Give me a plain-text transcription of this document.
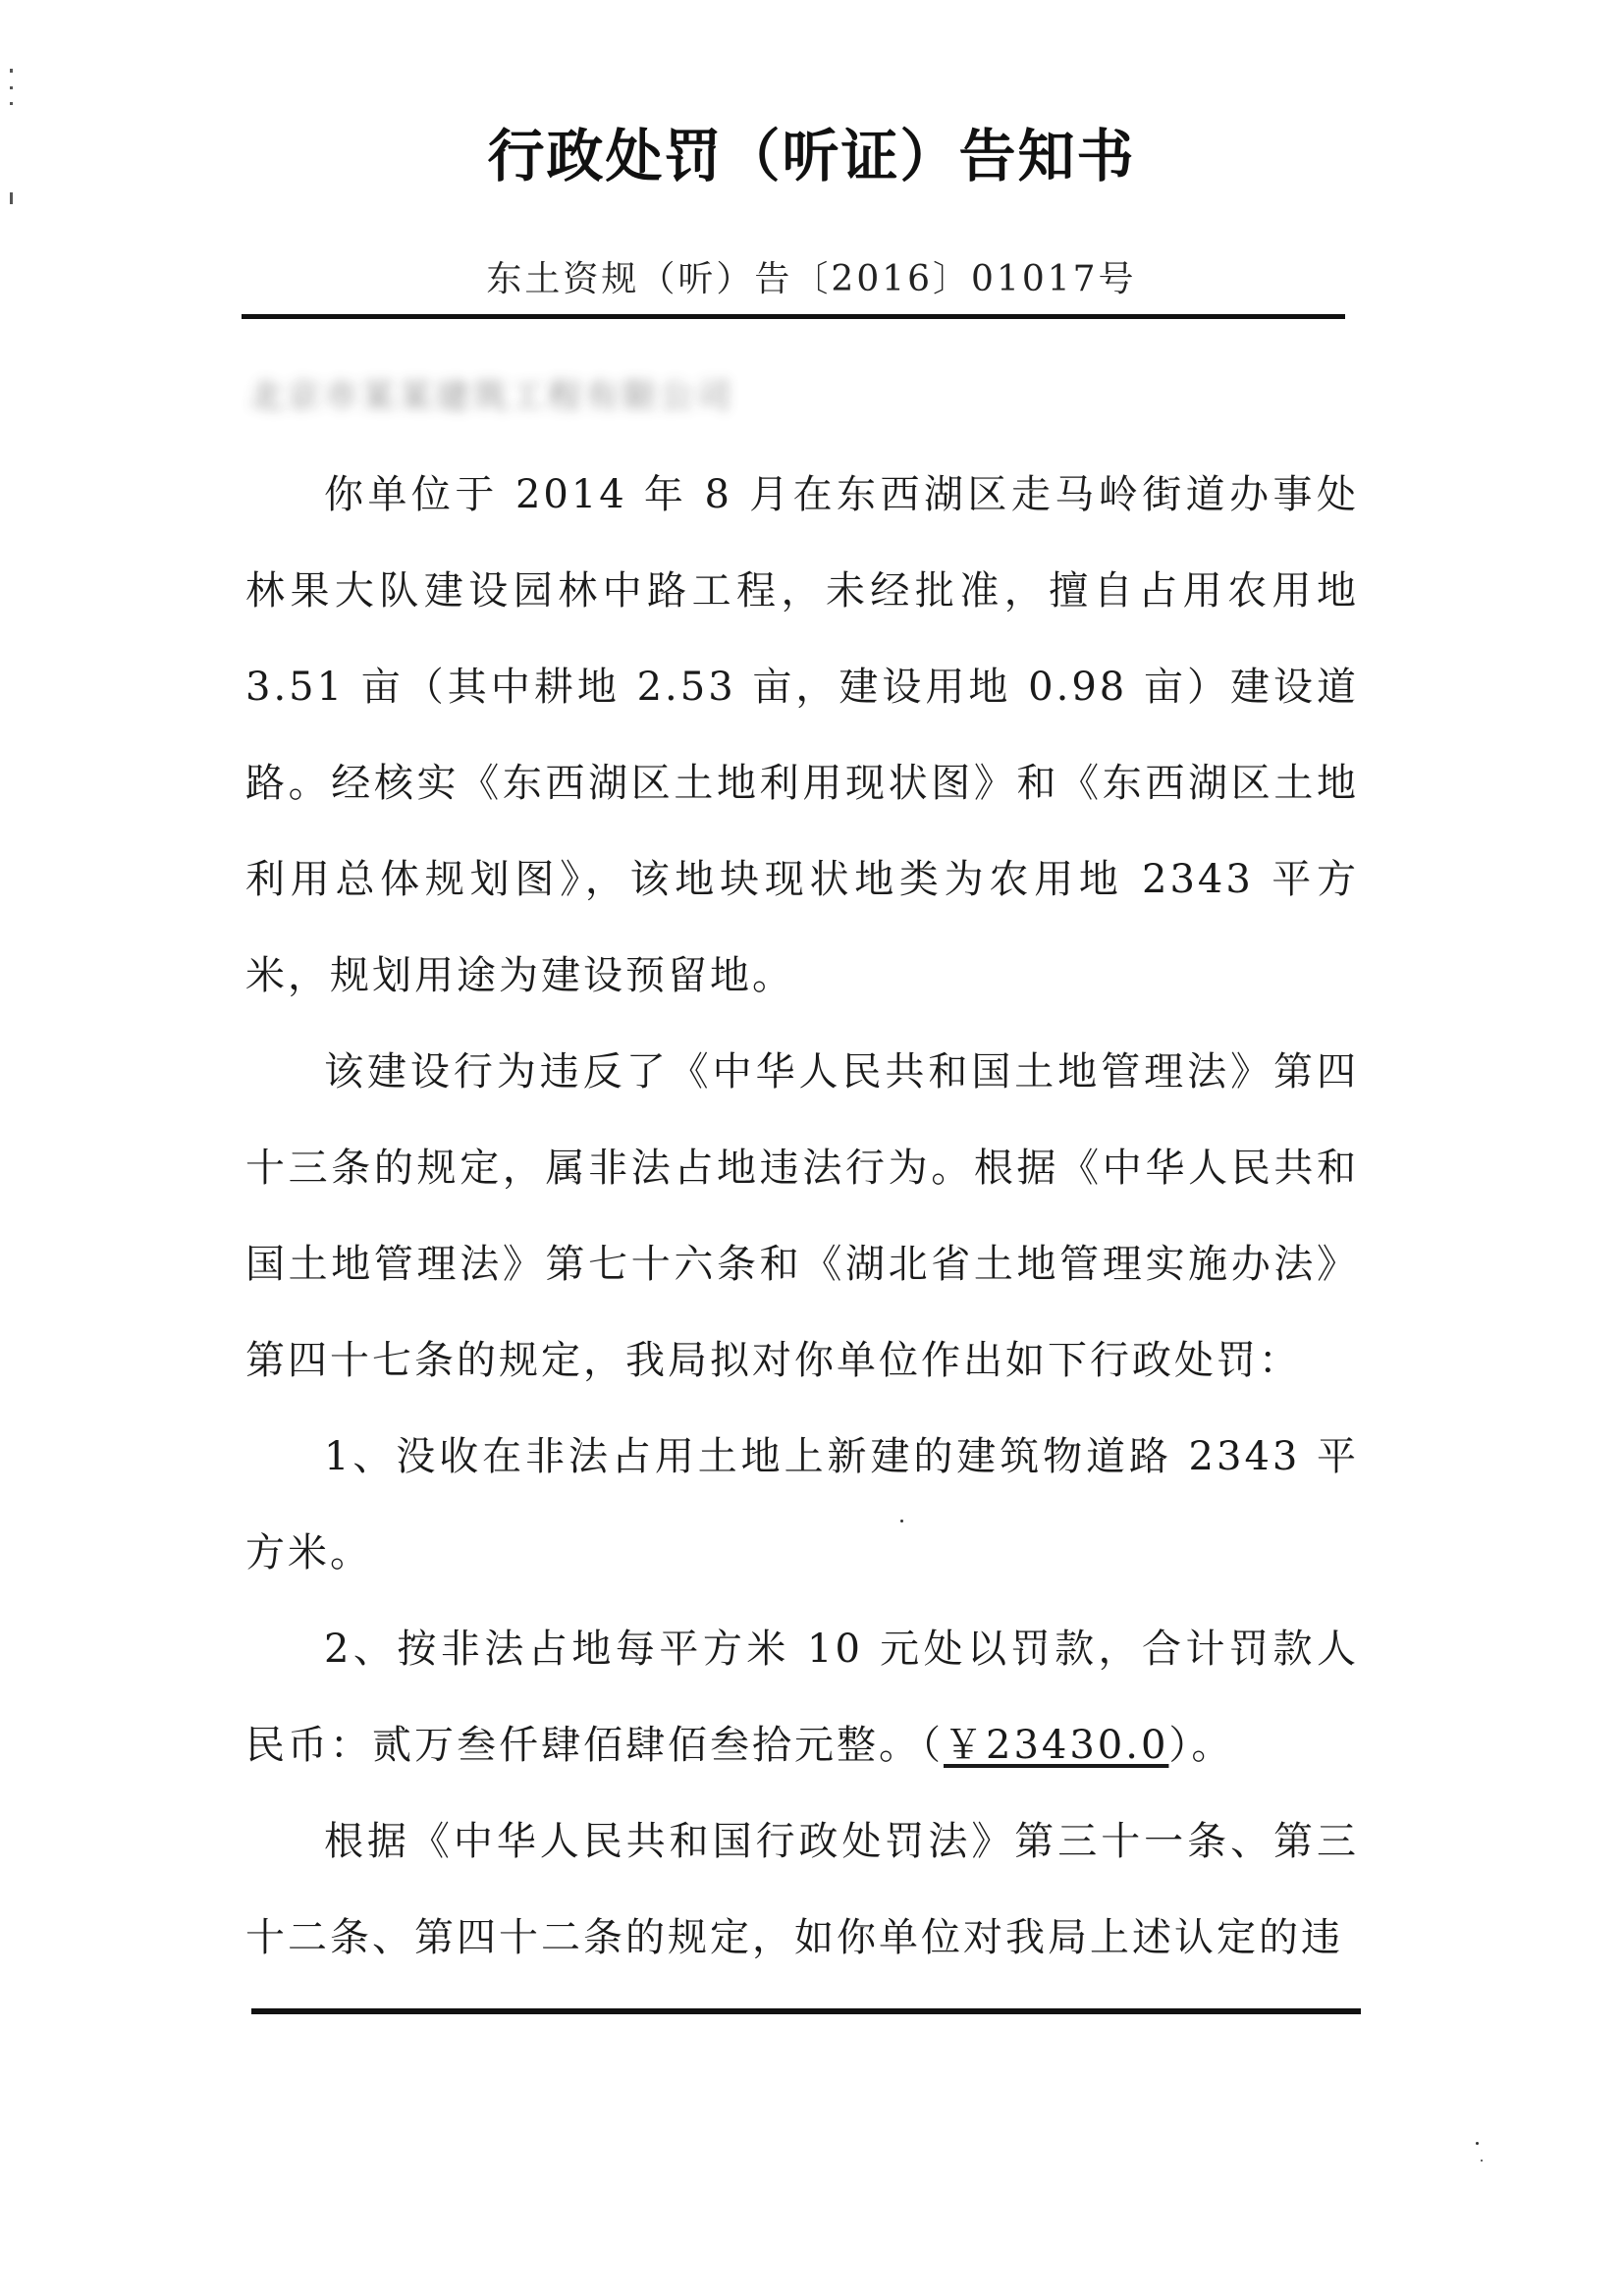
行政处罚（听证）告知书
东土资规（听）告〔2016〕01017号
北京市某某建筑工程有限公司

你单位于 2014 年 8 月在东西湖区走马岭街道办事处林果大队建设园林中路工程，未经批准，擅自占用农用地 3.51 亩（其中耕地 2.53 亩，建设用地 0.98 亩）建设道路。经核实《东西湖区土地利用现状图》和《东西湖区土地利用总体规划图》，该地块现状地类为农用地 2343 平方米，规划用途为建设预留地。

该建设行为违反了《中华人民共和国土地管理法》第四十三条的规定，属非法占地违法行为。根据《中华人民共和国土地管理法》第七十六条和《湖北省土地管理实施办法》第四十七条的规定，我局拟对你单位作出如下行政处罚：

1、没收在非法占用土地上新建的建筑物道路 2343 平方米。

2、按非法占地每平方米 10 元处以罚款，合计罚款人民币：贰万叁仟肆佰肆佰叁拾元整。（￥23430.0）。

根据《中华人民共和国行政处罚法》第三十一条、第三十二条、第四十二条的规定，如你单位对我局上述认定的违
